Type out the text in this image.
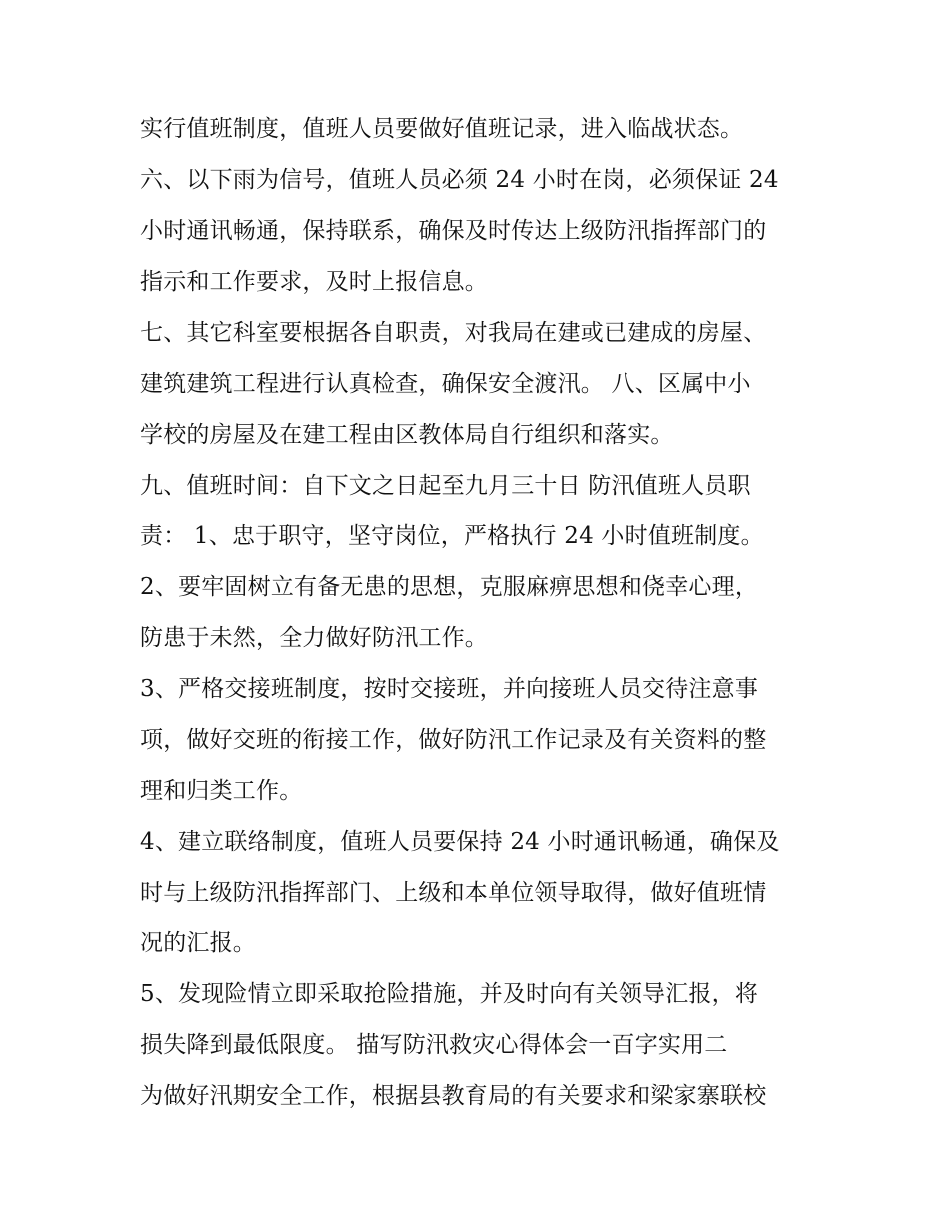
实行值班制度，值班人员要做好值班记录，进入临战状态。
六、以下雨为信号，值班人员必须 24 小时在岗，必须保证 24
小时通讯畅通，保持联系，确保及时传达上级防汛指挥部门的
指示和工作要求，及时上报信息。
七、其它科室要根据各自职责，对我局在建或已建成的房屋、
建筑建筑工程进行认真检查，确保安全渡汛。 八、区属中小
学校的房屋及在建工程由区教体局自行组织和落实。
九、值班时间：自下文之日起至九月三十日 防汛值班人员职
责： 1、忠于职守，坚守岗位，严格执行 24 小时值班制度。
2、要牢固树立有备无患的思想，克服麻痹思想和侥幸心理，
防患于未然，全力做好防汛工作。
3、严格交接班制度，按时交接班，并向接班人员交待注意事
项，做好交班的衔接工作，做好防汛工作记录及有关资料的整
理和归类工作。
4、建立联络制度，值班人员要保持 24 小时通讯畅通，确保及
时与上级防汛指挥部门、上级和本单位领导取得，做好值班情
况的汇报。
5、发现险情立即采取抢险措施，并及时向有关领导汇报，将
损失降到最低限度。 描写防汛救灾心得体会一百字实用二
为做好汛期安全工作，根据县教育局的有关要求和梁家寨联校
